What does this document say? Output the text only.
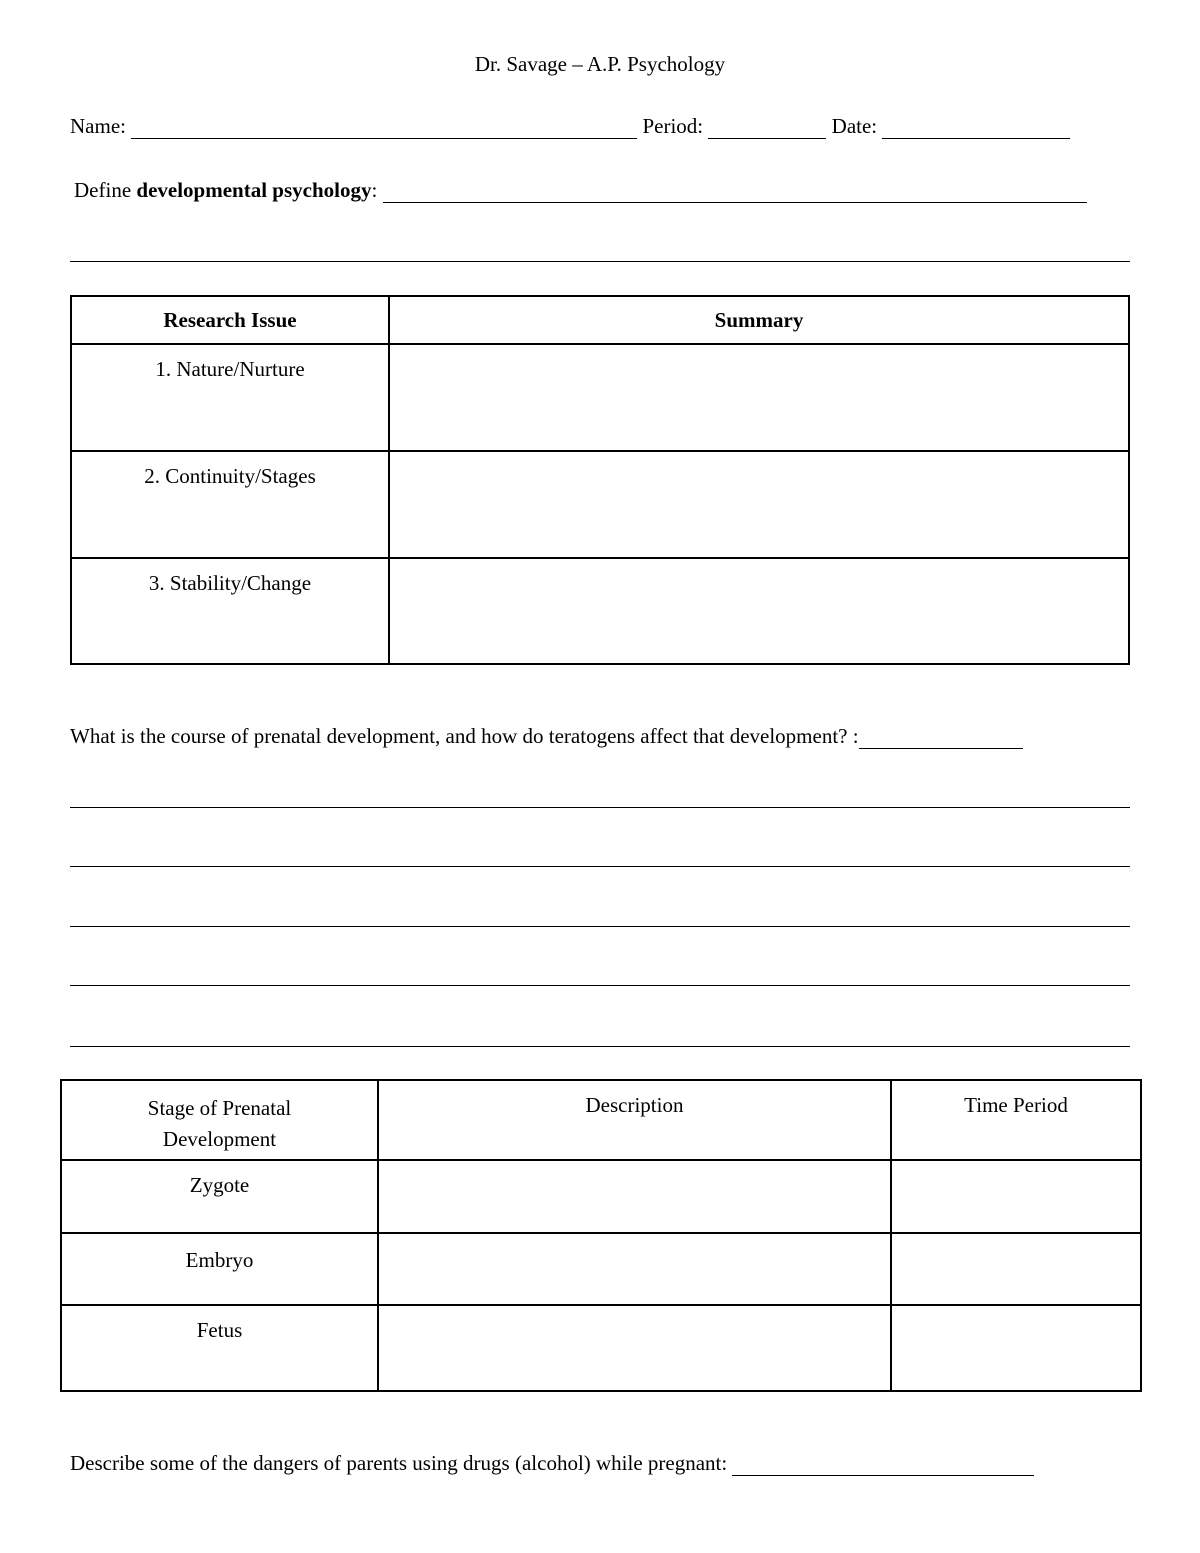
Dr. Savage – A.P. Psychology
Name:	Period:	Date:
Define developmental psychology:
Research Issue	Summary
1. Nature/Nurture	
2. Continuity/Stages	
3. Stability/Change	
What is the course of prenatal development, and how do teratogens affect that development? :
Stage of Prenatal Development	Description	Time Period
Zygote		
Embryo		
Fetus		
Describe some of the dangers of parents using drugs (alcohol) while pregnant:
